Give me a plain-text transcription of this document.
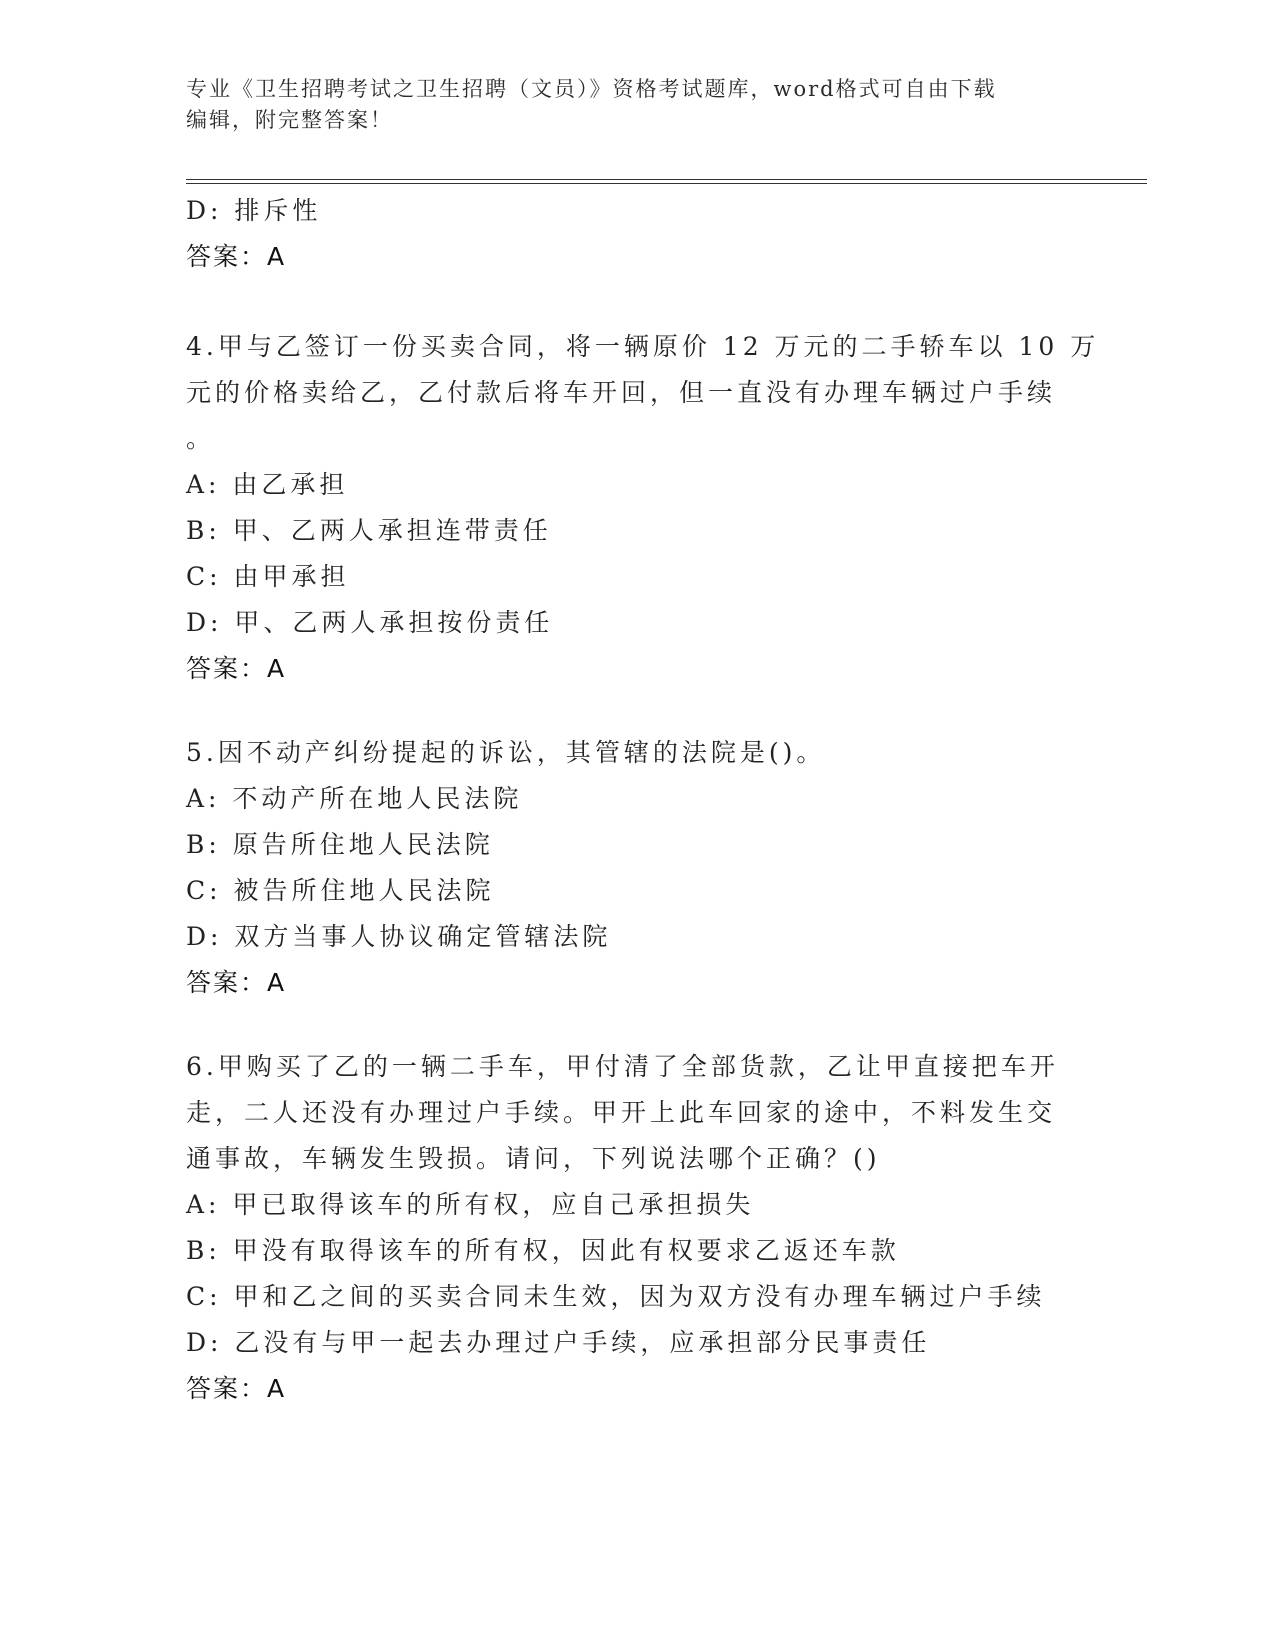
专业《卫生招聘考试之卫生招聘（文员）》资格考试题库，word格式可自由下载
编辑，附完整答案！
D: 排斥性
答案：A
4.甲与乙签订一份买卖合同，将一辆原价 12 万元的二手轿车以 10 万
元的价格卖给乙，乙付款后将车开回，但一直没有办理车辆过户手续
。
A: 由乙承担
B: 甲、乙两人承担连带责任
C: 由甲承担
D: 甲、乙两人承担按份责任
答案：A
5.因不动产纠纷提起的诉讼，其管辖的法院是()。
A: 不动产所在地人民法院
B: 原告所住地人民法院
C: 被告所住地人民法院
D: 双方当事人协议确定管辖法院
答案：A
6.甲购买了乙的一辆二手车，甲付清了全部货款，乙让甲直接把车开
走，二人还没有办理过户手续。甲开上此车回家的途中，不料发生交
通事故，车辆发生毁损。请问，下列说法哪个正确？()
A: 甲已取得该车的所有权，应自己承担损失
B: 甲没有取得该车的所有权，因此有权要求乙返还车款
C: 甲和乙之间的买卖合同未生效，因为双方没有办理车辆过户手续
D: 乙没有与甲一起去办理过户手续，应承担部分民事责任
答案：A
